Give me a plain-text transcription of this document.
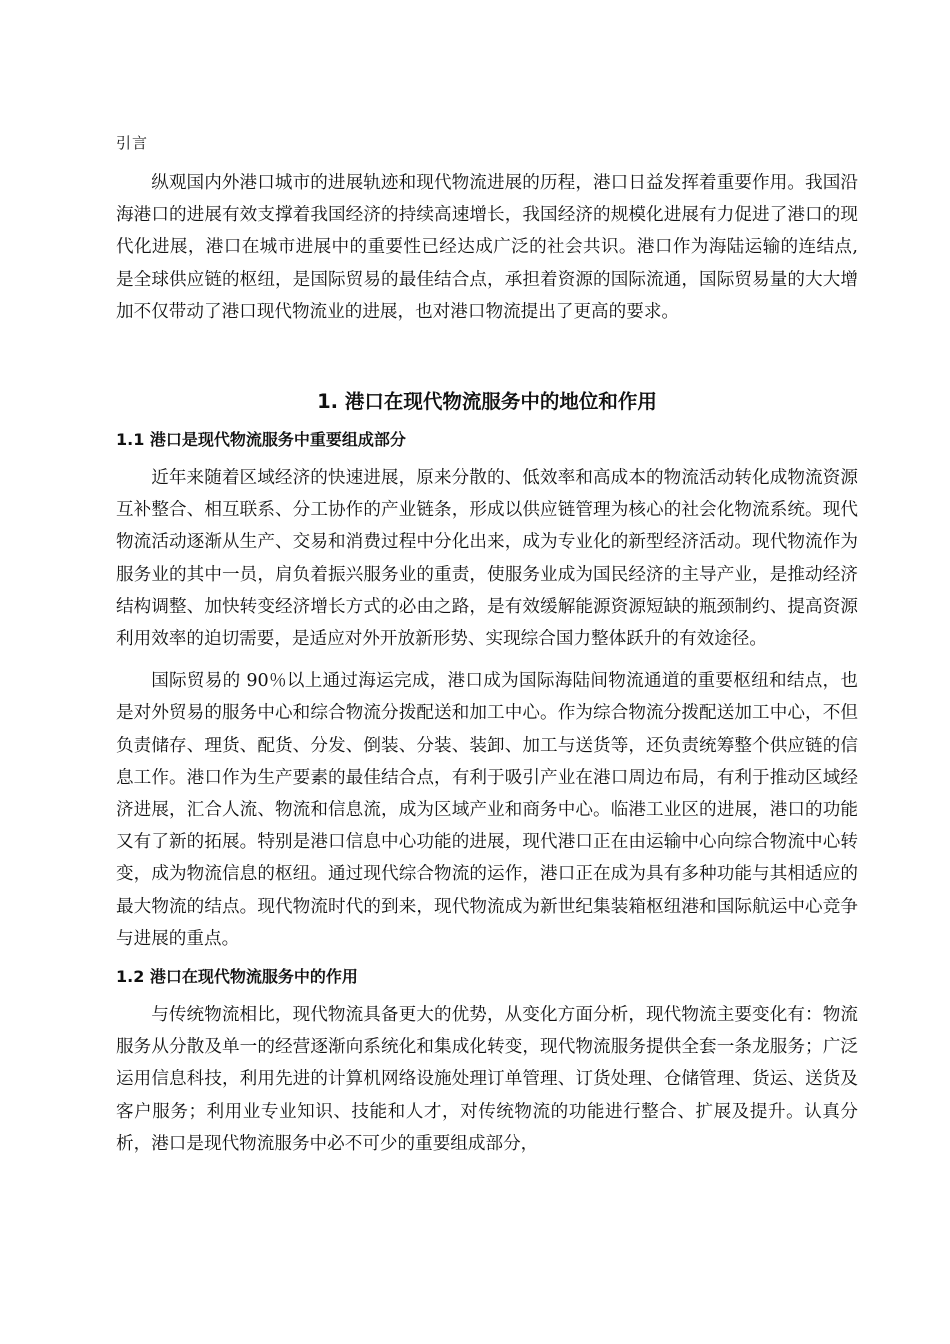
引言

纵观国内外港口城市的进展轨迹和现代物流进展的历程，港口日益发挥着重要作用。我国沿海港口的进展有效支撑着我国经济的持续高速增长，我国经济的规模化进展有力促进了港口的现代化进展，港口在城市进展中的重要性已经达成广泛的社会共识。港口作为海陆运输的连结点,是全球供应链的枢纽，是国际贸易的最佳结合点，承担着资源的国际流通，国际贸易量的大大增加不仅带动了港口现代物流业的进展，也对港口物流提出了更高的要求。

1. 港口在现代物流服务中的地位和作用
1.1 港口是现代物流服务中重要组成部分

近年来随着区域经济的快速进展，原来分散的、低效率和高成本的物流活动转化成物流资源互补整合、相互联系、分工协作的产业链条，形成以供应链管理为核心的社会化物流系统。现代物流活动逐渐从生产、交易和消费过程中分化出来，成为专业化的新型经济活动。现代物流作为服务业的其中一员，肩负着振兴服务业的重责，使服务业成为国民经济的主导产业，是推动经济结构调整、加快转变经济增长方式的必由之路，是有效缓解能源资源短缺的瓶颈制约、提高资源利用效率的迫切需要，是适应对外开放新形势、实现综合国力整体跃升的有效途径。

国际贸易的 90％以上通过海运完成，港口成为国际海陆间物流通道的重要枢纽和结点，也是对外贸易的服务中心和综合物流分拨配送和加工中心。作为综合物流分拨配送加工中心，不但负责储存、理货、配货、分发、倒装、分装、装卸、加工与送货等，还负责统筹整个供应链的信息工作。港口作为生产要素的最佳结合点，有利于吸引产业在港口周边布局，有利于推动区域经济进展，汇合人流、物流和信息流，成为区域产业和商务中心。临港工业区的进展，港口的功能又有了新的拓展。特别是港口信息中心功能的进展，现代港口正在由运输中心向综合物流中心转变，成为物流信息的枢纽。通过现代综合物流的运作，港口正在成为具有多种功能与其相适应的最大物流的结点。现代物流时代的到来，现代物流成为新世纪集装箱枢纽港和国际航运中心竞争与进展的重点。

1.2 港口在现代物流服务中的作用

与传统物流相比，现代物流具备更大的优势，从变化方面分析，现代物流主要变化有：物流服务从分散及单一的经营逐渐向系统化和集成化转变，现代物流服务提供全套一条龙服务；广泛运用信息科技，利用先进的计算机网络设施处理订单管理、订货处理、仓储管理、货运、送货及客户服务；利用业专业知识、技能和人才，对传统物流的功能进行整合、扩展及提升。认真分析，港口是现代物流服务中必不可少的重要组成部分，
